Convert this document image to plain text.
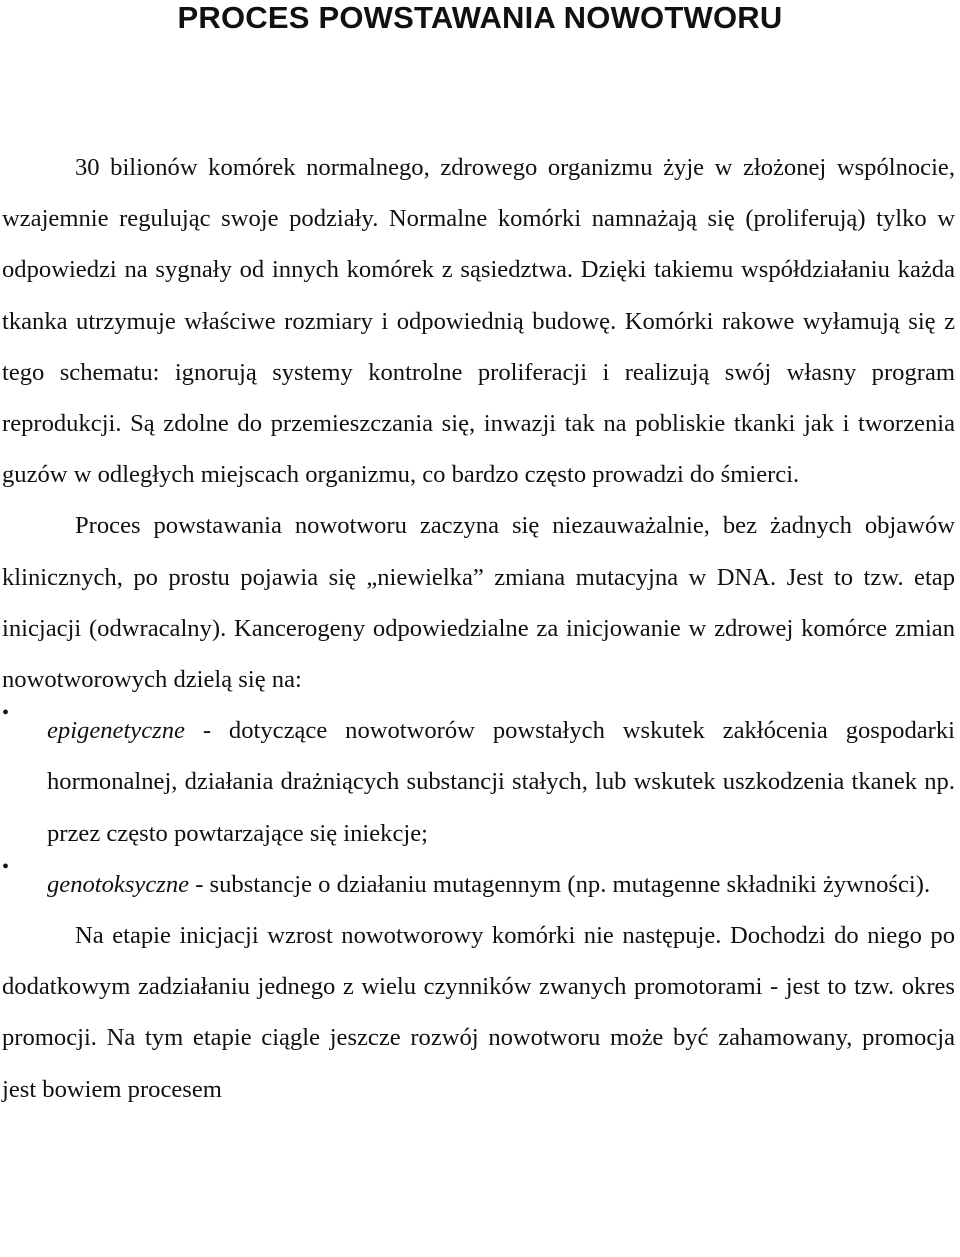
PROCES POWSTAWANIA NOWOTWORU

30 bilionów komórek normalnego, zdrowego organizmu żyje w złożonej wspólnocie, wzajemnie regulując swoje podziały. Normalne komórki namnażają się (proliferują) tylko w odpowiedzi na sygnały od innych komórek z sąsiedztwa. Dzięki takiemu współdziałaniu każda tkanka utrzymuje właściwe rozmiary i odpowiednią budowę. Komórki rakowe wyłamują się z tego schematu: ignorują systemy kontrolne proliferacji i realizują swój własny program reprodukcji. Są zdolne do przemieszczania się, inwazji tak na pobliskie tkanki jak i tworzenia guzów w odległych miejscach organizmu, co bardzo często prowadzi do śmierci.

Proces powstawania nowotworu zaczyna się niezauważalnie, bez żadnych objawów klinicznych, po prostu pojawia się „niewielka” zmiana mutacyjna w DNA. Jest to tzw. etap inicjacji (odwracalny). Kancerogeny odpowiedzialne za inicjowanie w zdrowej komórce zmian nowotworowych dzielą się na:

•
epigenetyczne - dotyczące nowotworów powstałych wskutek zakłócenia gospodarki hormonalnej, działania drażniących substancji stałych, lub wskutek uszkodzenia tkanek np. przez często powtarzające się iniekcje;
•
genotoksyczne - substancje o działaniu mutagennym (np. mutagenne składniki żywności).

Na etapie inicjacji wzrost nowotworowy komórki nie następuje. Dochodzi do niego po dodatkowym zadziałaniu jednego z wielu czynników zwanych promotorami - jest to tzw. okres promocji. Na tym etapie ciągle jeszcze rozwój nowotworu może być zahamowany, promocja jest bowiem procesem
